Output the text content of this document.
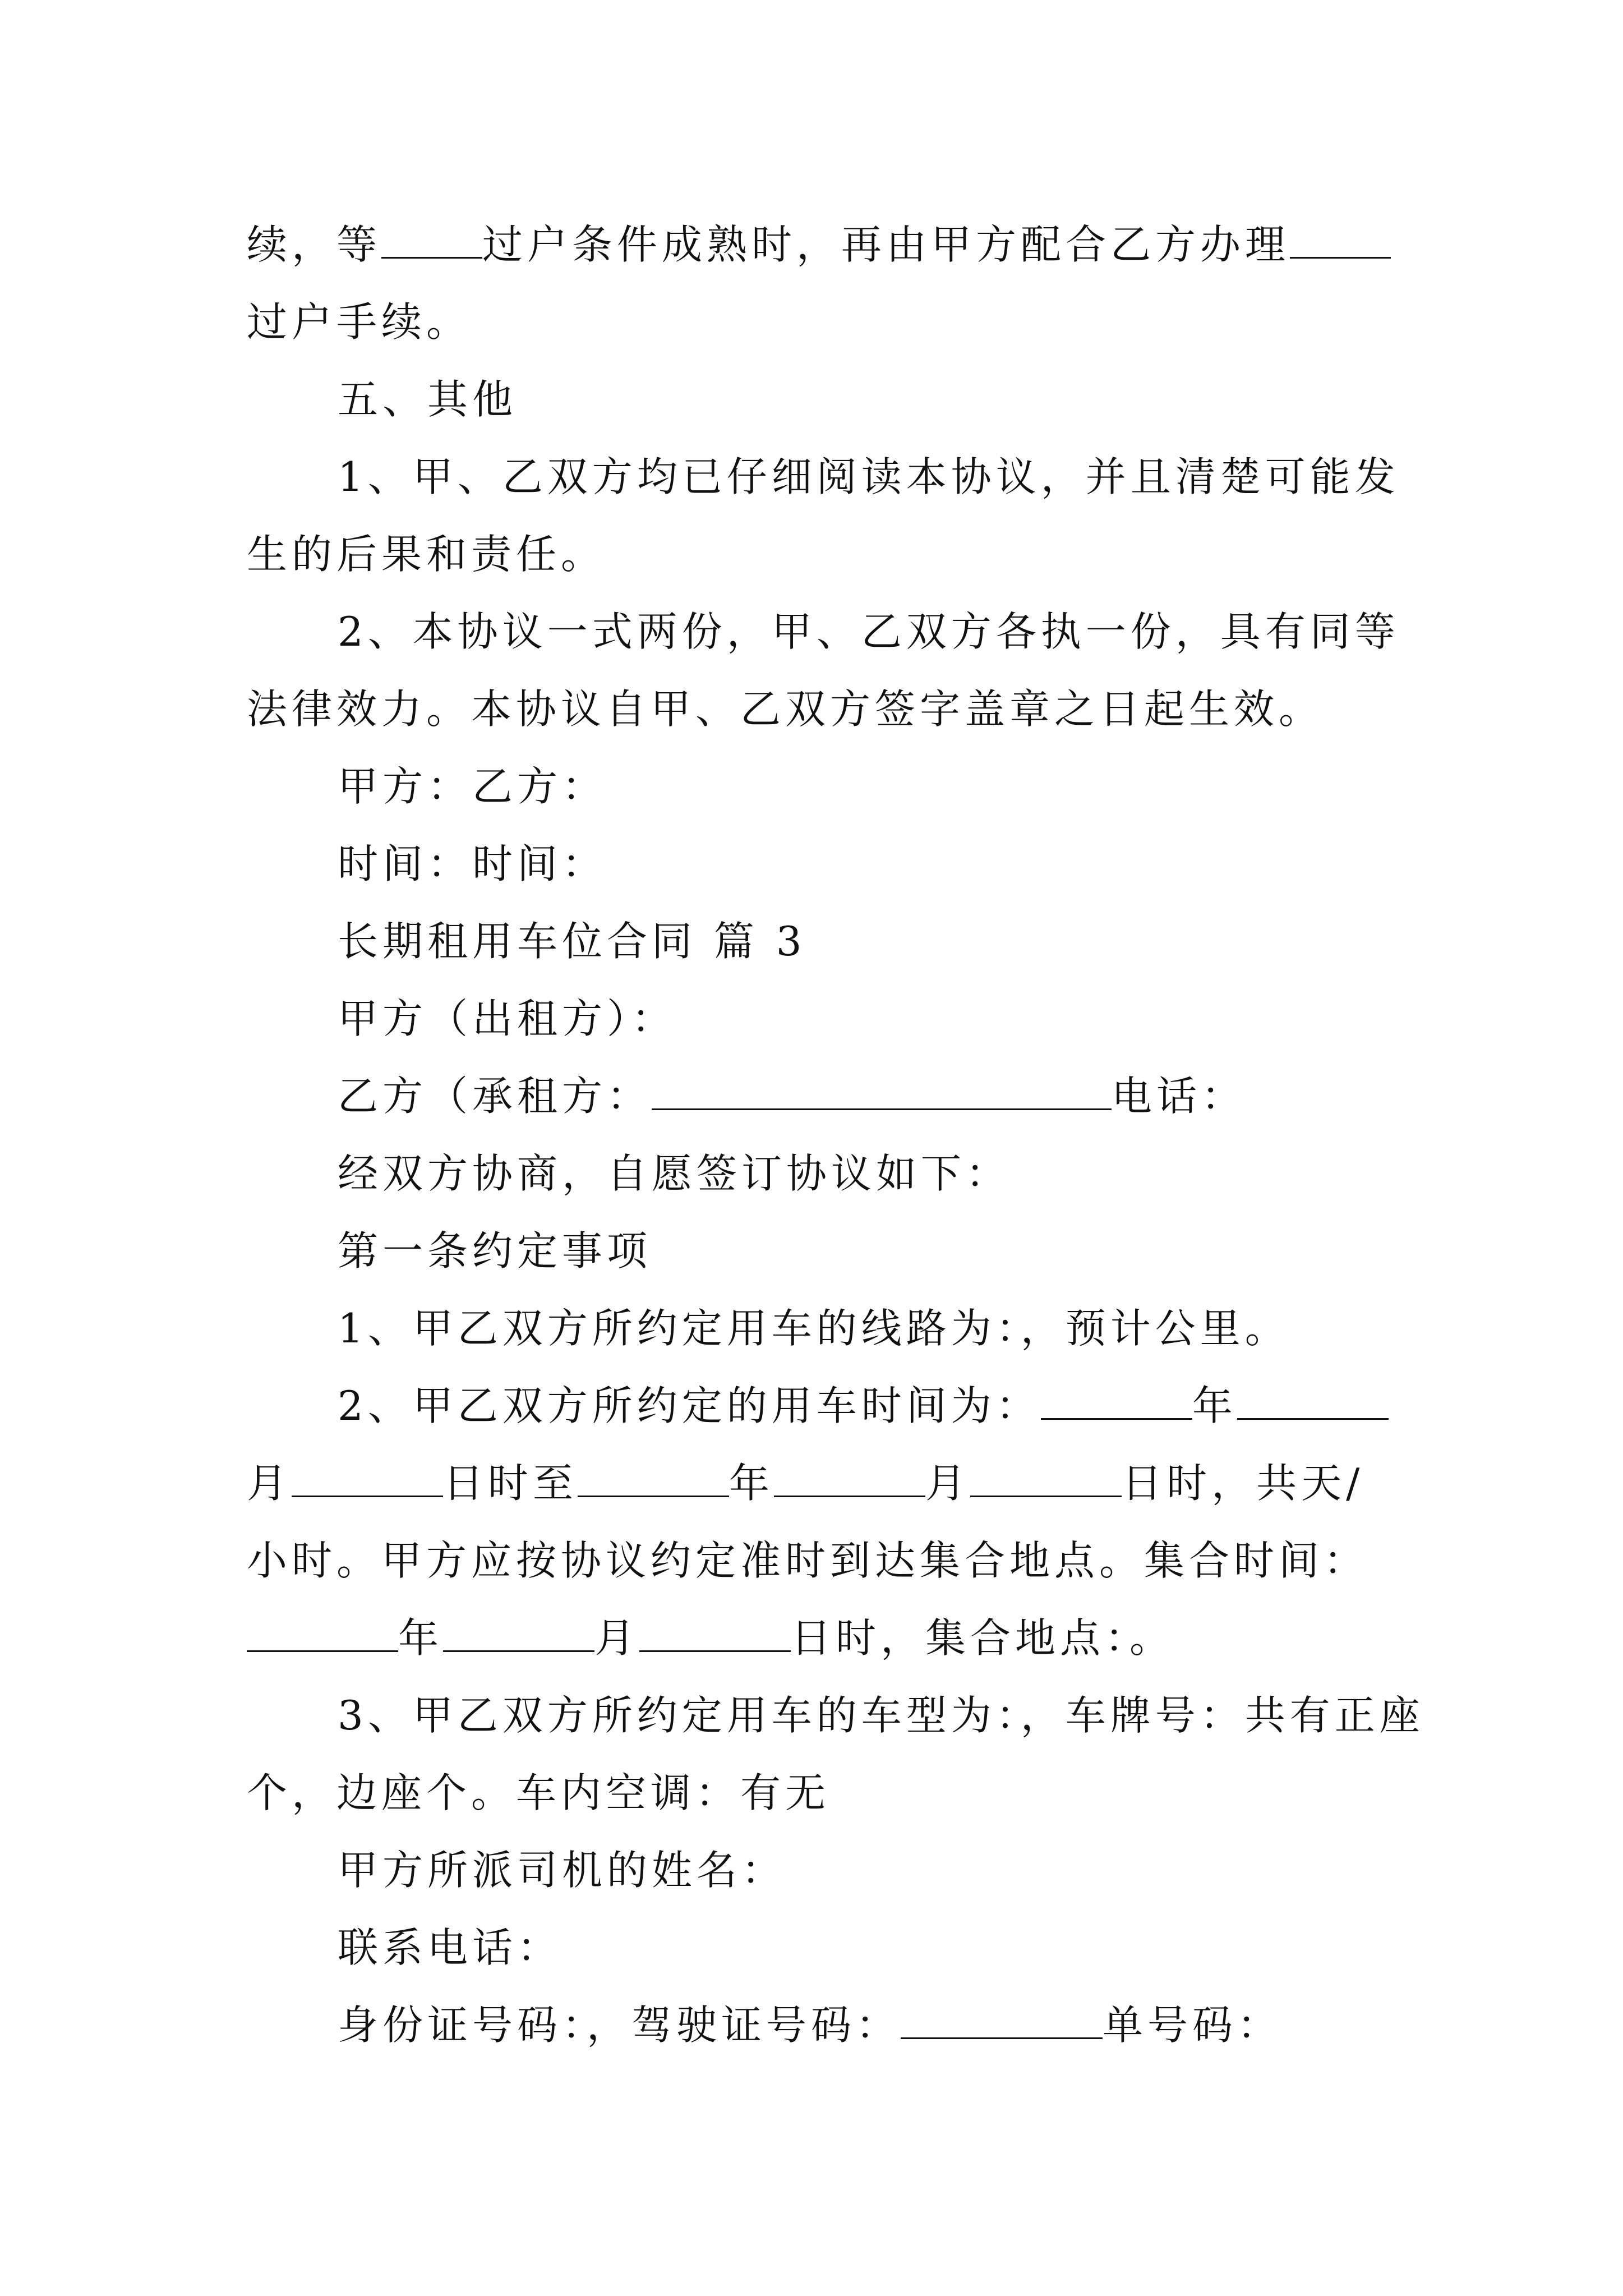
续，等	过户条件成熟时，再由甲方配合乙方办理
过户手续。
五、其他
1、甲、乙双方均已仔细阅读本协议，并且清楚可能发
生的后果和责任。
2、本协议一式两份，甲、乙双方各执一份，具有同等
法律效力。本协议自甲、乙双方签字盖章之日起生效。
甲方：乙方：
时间：时间：
长期租用车位合同 篇 3
甲方（出租方）：
乙方（承租方：	电话：
经双方协商，自愿签订协议如下：
第一条约定事项
1、甲乙双方所约定用车的线路为：，预计公里。
2、甲乙双方所约定的用车时间为：	年
月	日时至	年	月	日时，共天/
小时。甲方应按协议约定准时到达集合地点。集合时间：
年	月	日时，集合地点：。
3、甲乙双方所约定用车的车型为：，车牌号：共有正座
个，边座个。车内空调：有无
甲方所派司机的姓名：
联系电话：
身份证号码：，驾驶证号码：	单号码：
